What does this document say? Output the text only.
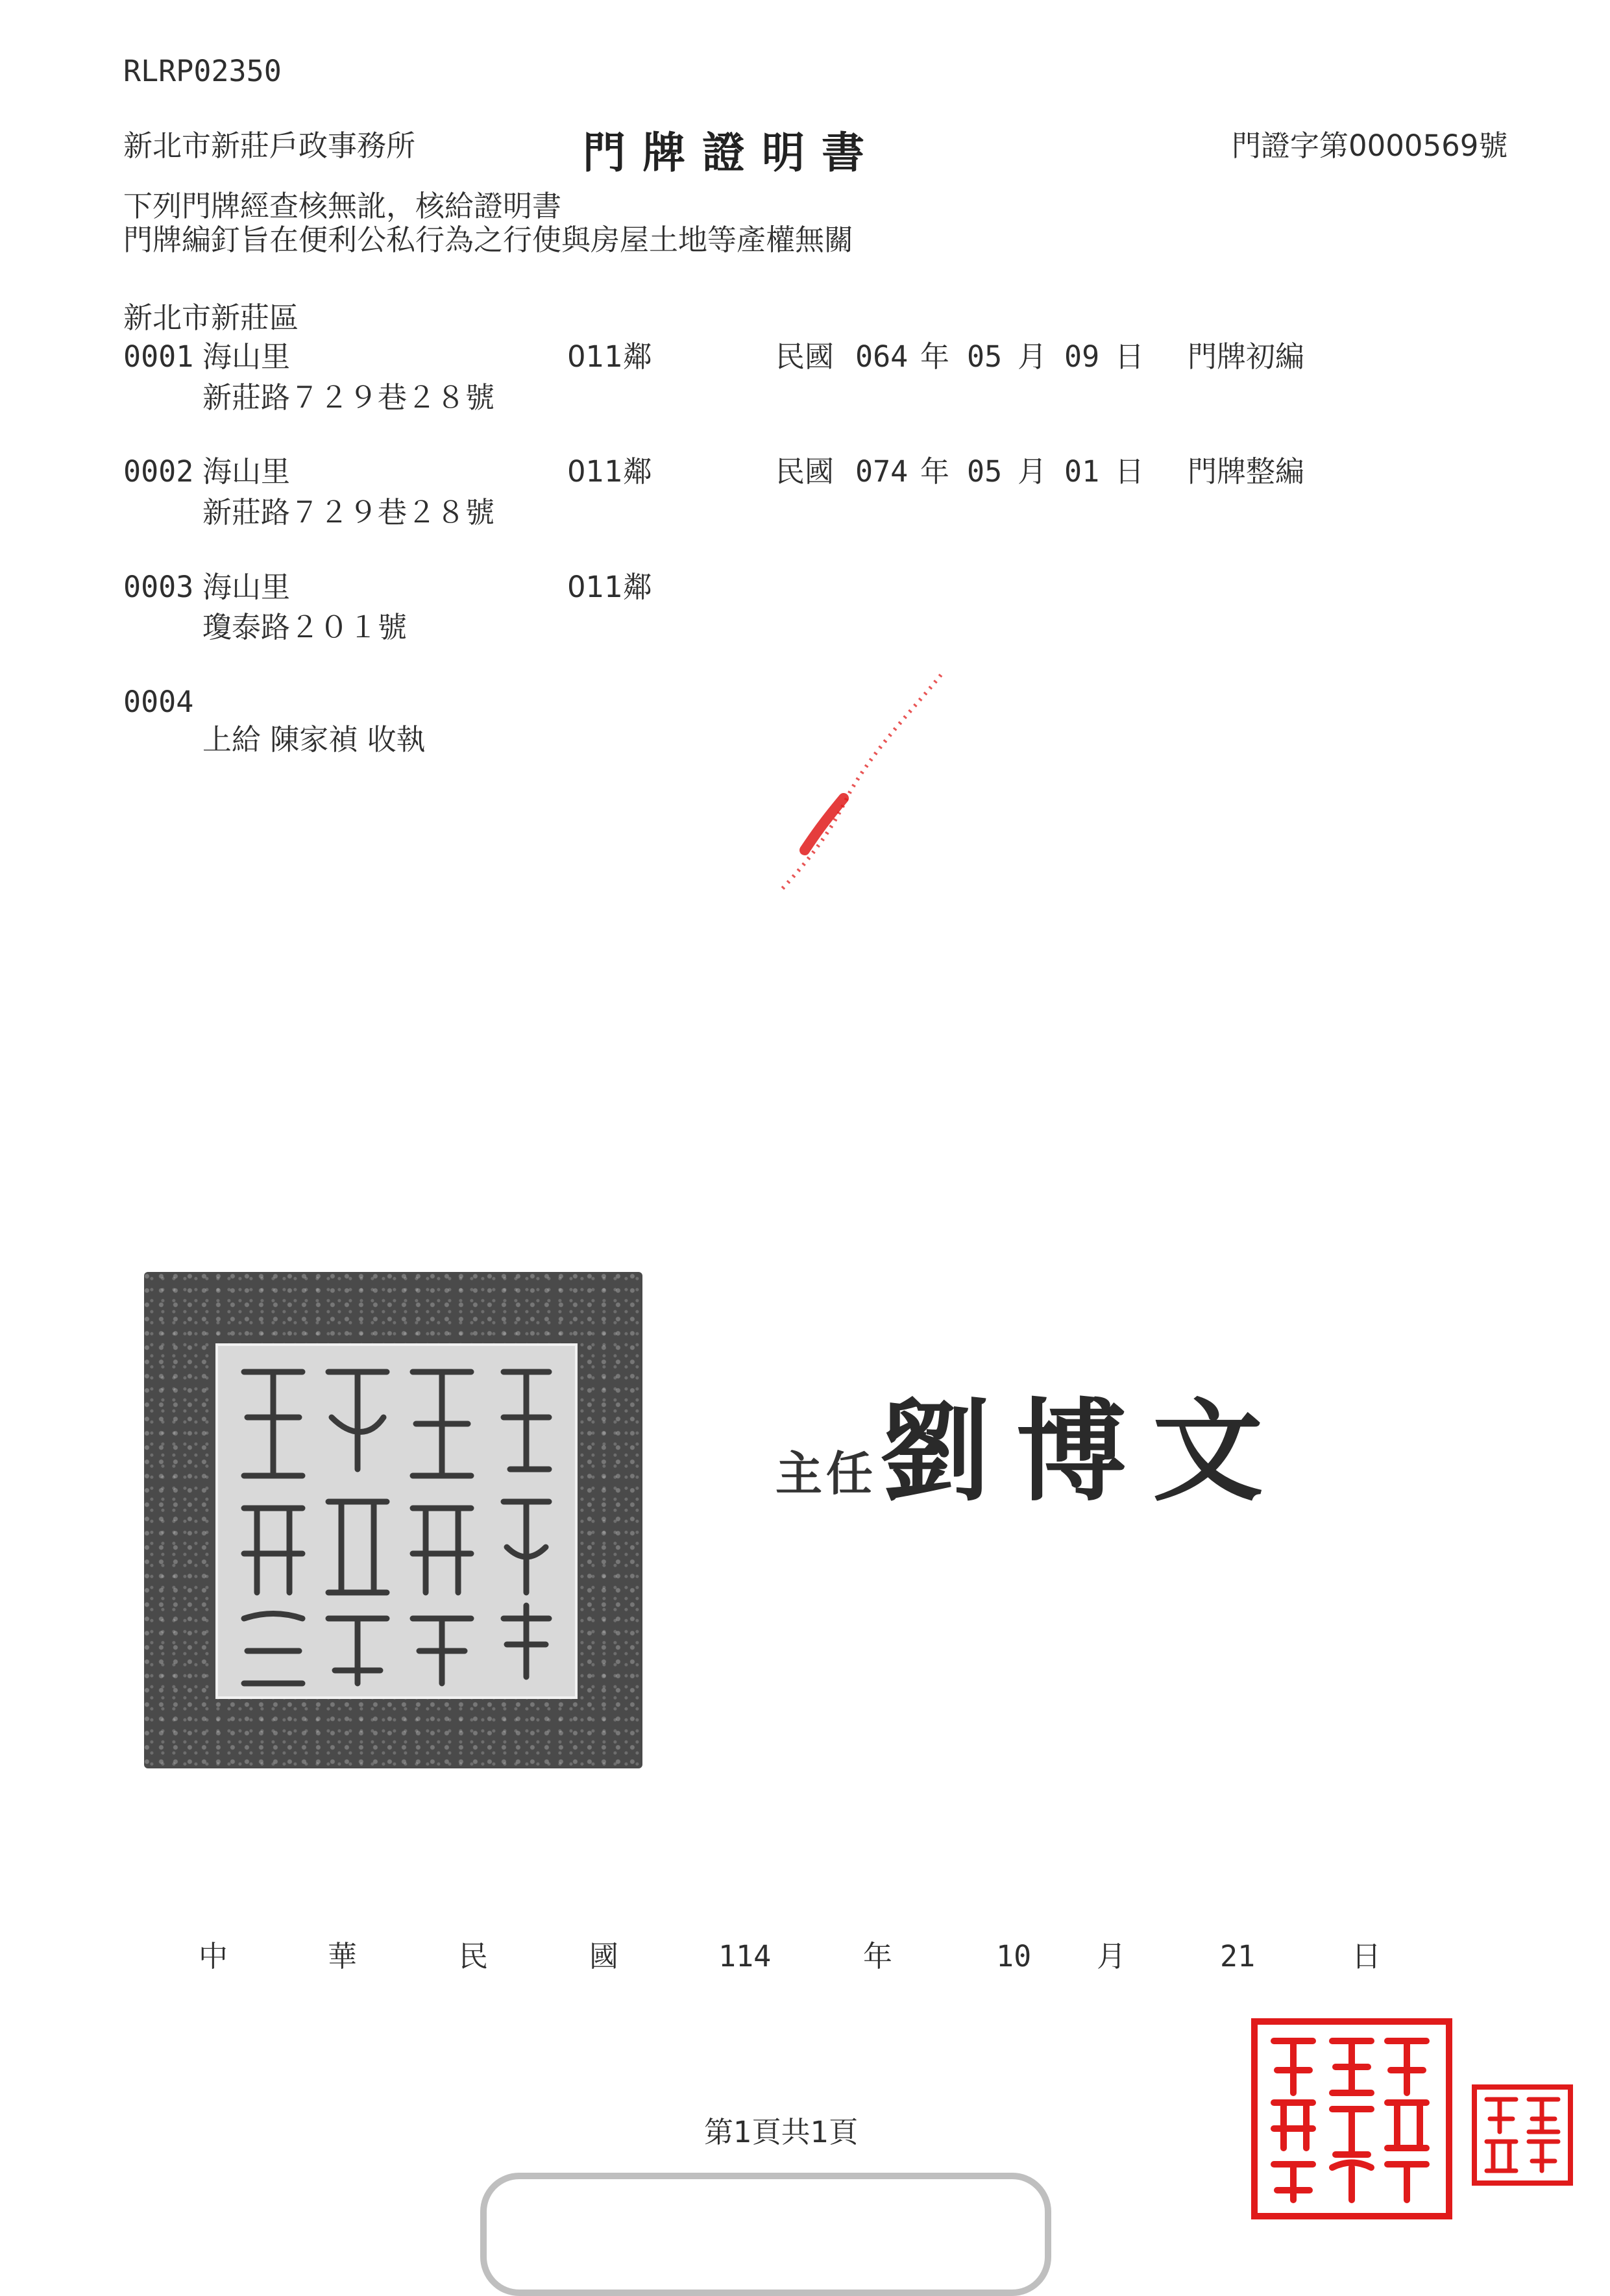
RLRP02350
新北市新莊戶政事務所	門牌證明書	門證字第0000569號
下列門牌經查核無訛，核給證明書
門牌編釘旨在便利公私行為之行使與房屋土地等產權無關
新北市新莊區
0001 海山里	011鄰	民國 064 年 05 月 09 日 門牌初編
新莊路７２９巷２８號
0002 海山里	011鄰	民國 074 年 05 月 01 日 門牌整編
新莊路７２９巷２８號
0003 海山里	011鄰
瓊泰路２０１號
0004
上給 陳家禎 收執
主任 劉博文
中	華	民	國	114	年	10 月	21	日
第1頁共1頁
